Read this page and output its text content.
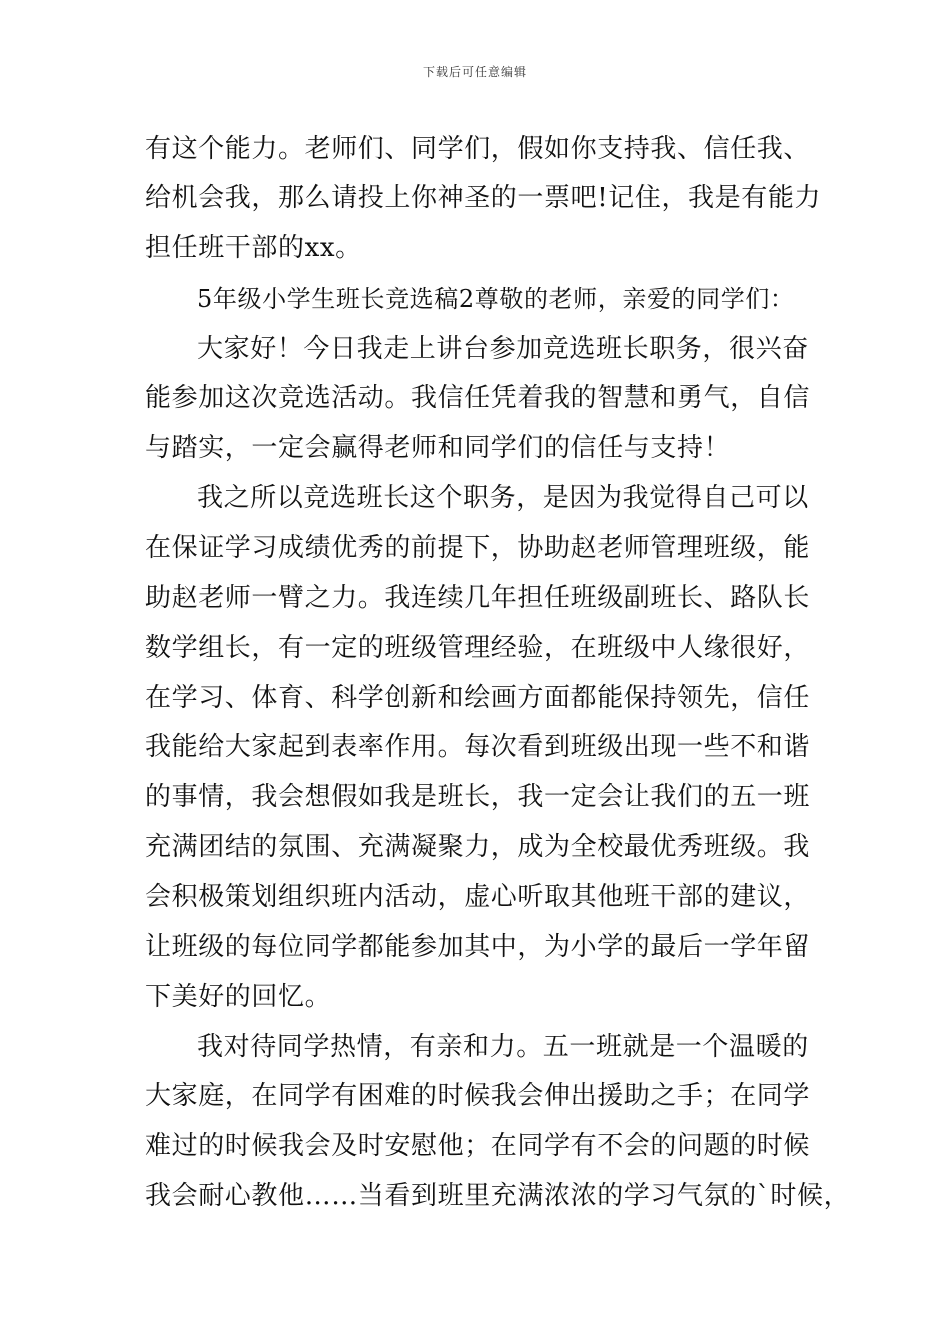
下载后可任意编辑
有这个能力。老师们、同学们，假如你支持我、信任我、
给机会我，那么请投上你神圣的一票吧!记住，我是有能力
担任班干部的xx。
5年级小学生班长竞选稿2尊敬的老师，亲爱的同学们：
大家好！今日我走上讲台参加竞选班长职务，很兴奋
能参加这次竞选活动。我信任凭着我的智慧和勇气，自信
与踏实，一定会赢得老师和同学们的信任与支持！
我之所以竞选班长这个职务，是因为我觉得自己可以
在保证学习成绩优秀的前提下，协助赵老师管理班级，能
助赵老师一臂之力。我连续几年担任班级副班长、路队长
数学组长，有一定的班级管理经验，在班级中人缘很好，
在学习、体育、科学创新和绘画方面都能保持领先，信任
我能给大家起到表率作用。每次看到班级出现一些不和谐
的事情，我会想假如我是班长，我一定会让我们的五一班
充满团结的氛围、充满凝聚力，成为全校最优秀班级。我
会积极策划组织班内活动，虚心听取其他班干部的建议，
让班级的每位同学都能参加其中，为小学的最后一学年留
下美好的回忆。
我对待同学热情，有亲和力。五一班就是一个温暖的
大家庭，在同学有困难的时候我会伸出援助之手；在同学
难过的时候我会及时安慰他；在同学有不会的问题的时候
我会耐心教他……当看到班里充满浓浓的学习气氛的`时候，
